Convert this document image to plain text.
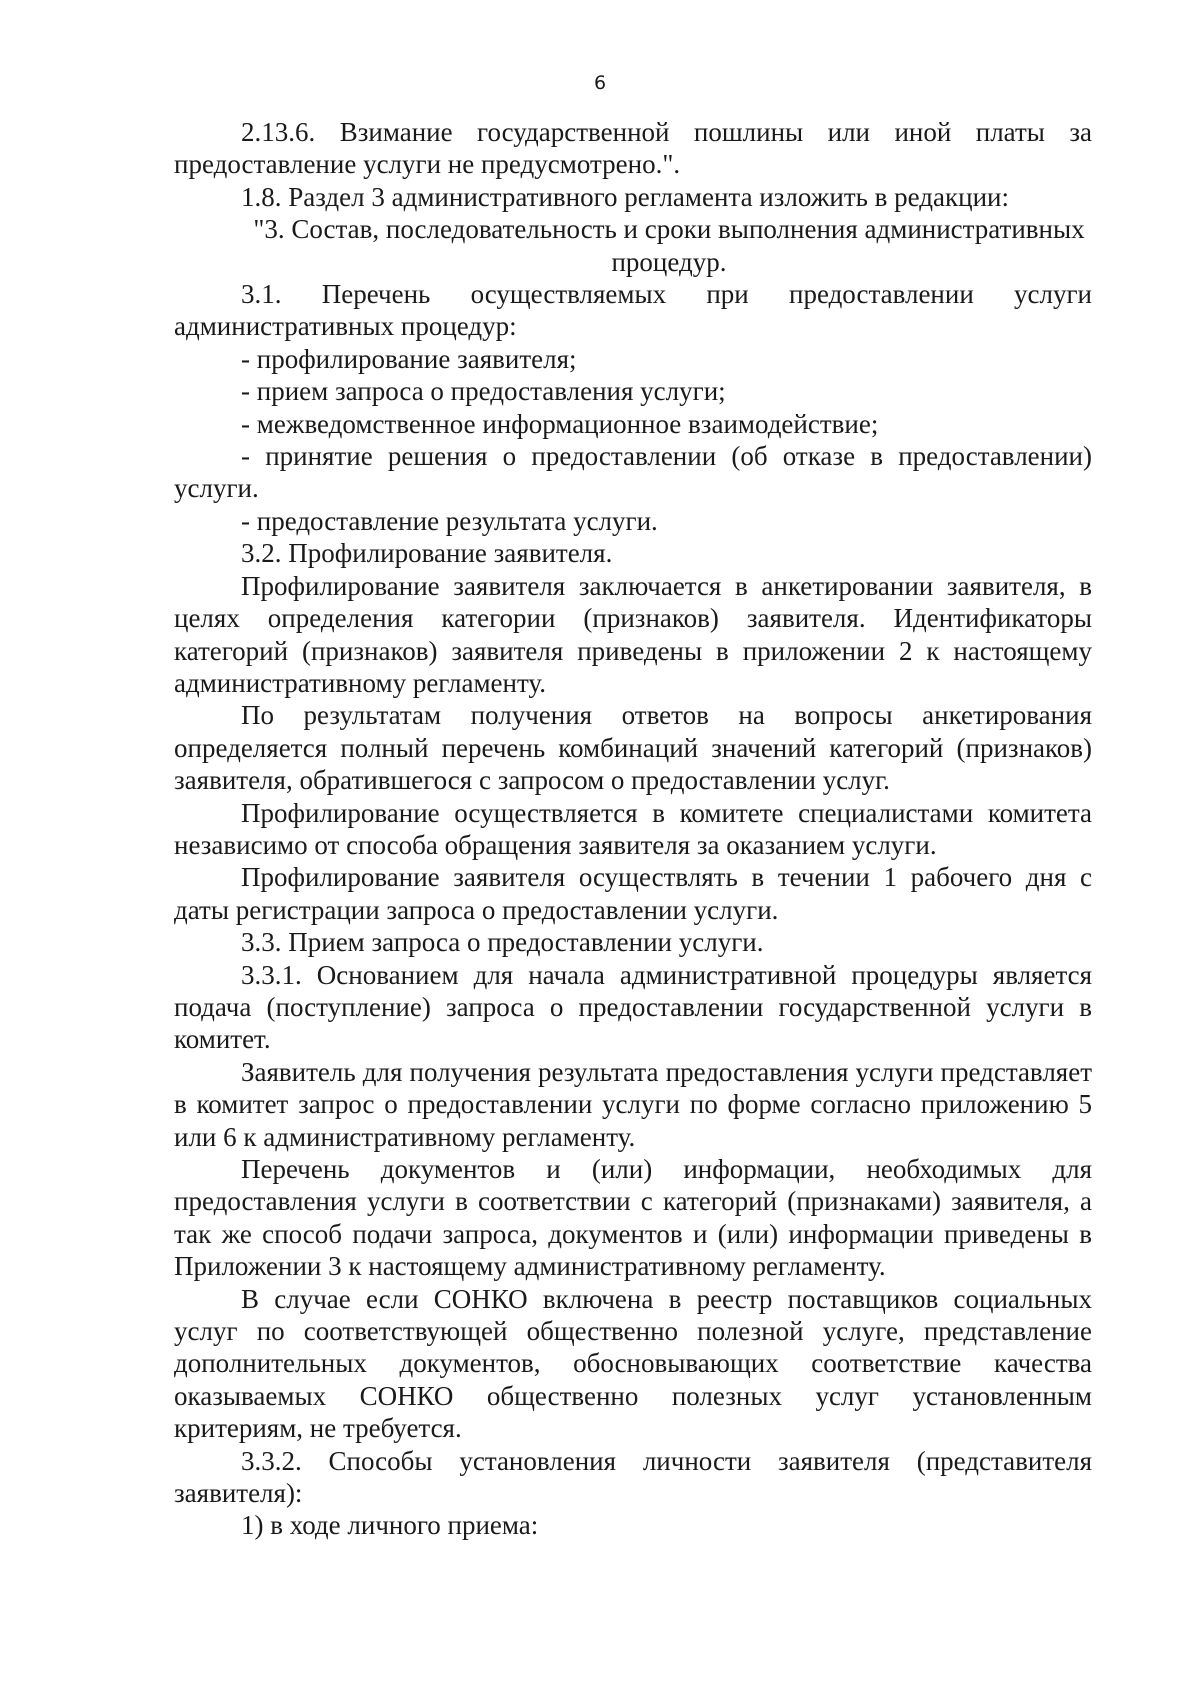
6

2.13.6. Взимание государственной пошлины или иной платы за предоставление услуги не предусмотрено.".

1.8. Раздел 3 административного регламента изложить в редакции:

"3. Состав, последовательность и сроки выполнения административных процедур.

3.1. Перечень осуществляемых при предоставлении услуги административных процедур:

- профилирование заявителя;

- прием запроса о предоставления услуги;

- межведомственное информационное взаимодействие;

- принятие решения о предоставлении (об отказе в предоставлении) услуги.

- предоставление результата услуги.

3.2. Профилирование заявителя.

Профилирование заявителя заключается в анкетировании заявителя, в целях определения категории (признаков) заявителя. Идентификаторы категорий (признаков) заявителя приведены в приложении 2 к настоящему административному регламенту.

По результатам получения ответов на вопросы анкетирования определяется полный перечень комбинаций значений категорий (признаков) заявителя, обратившегося с запросом о предоставлении услуг.

Профилирование осуществляется в комитете специалистами комитета независимо от способа обращения заявителя за оказанием услуги.

Профилирование заявителя осуществлять в течении 1 рабочего дня с даты регистрации запроса о предоставлении услуги.

3.3. Прием запроса о предоставлении услуги.

3.3.1. Основанием для начала административной процедуры является подача (поступление) запроса о предоставлении государственной услуги в комитет.

Заявитель для получения результата предоставления услуги представляет в комитет запрос о предоставлении услуги по форме согласно приложению 5 или 6 к административному регламенту.

Перечень документов и (или) информации, необходимых для предоставления услуги в соответствии с категорий (признаками) заявителя, а так же способ подачи запроса, документов и (или) информации приведены в Приложении 3 к настоящему административному регламенту.

В случае если СОНКО включена в реестр поставщиков социальных услуг по соответствующей общественно полезной услуге, представление дополнительных документов, обосновывающих соответствие качества оказываемых СОНКО общественно полезных услуг установленным критериям, не требуется.

3.3.2. Способы установления личности заявителя (представителя заявителя):

1) в ходе личного приема:
